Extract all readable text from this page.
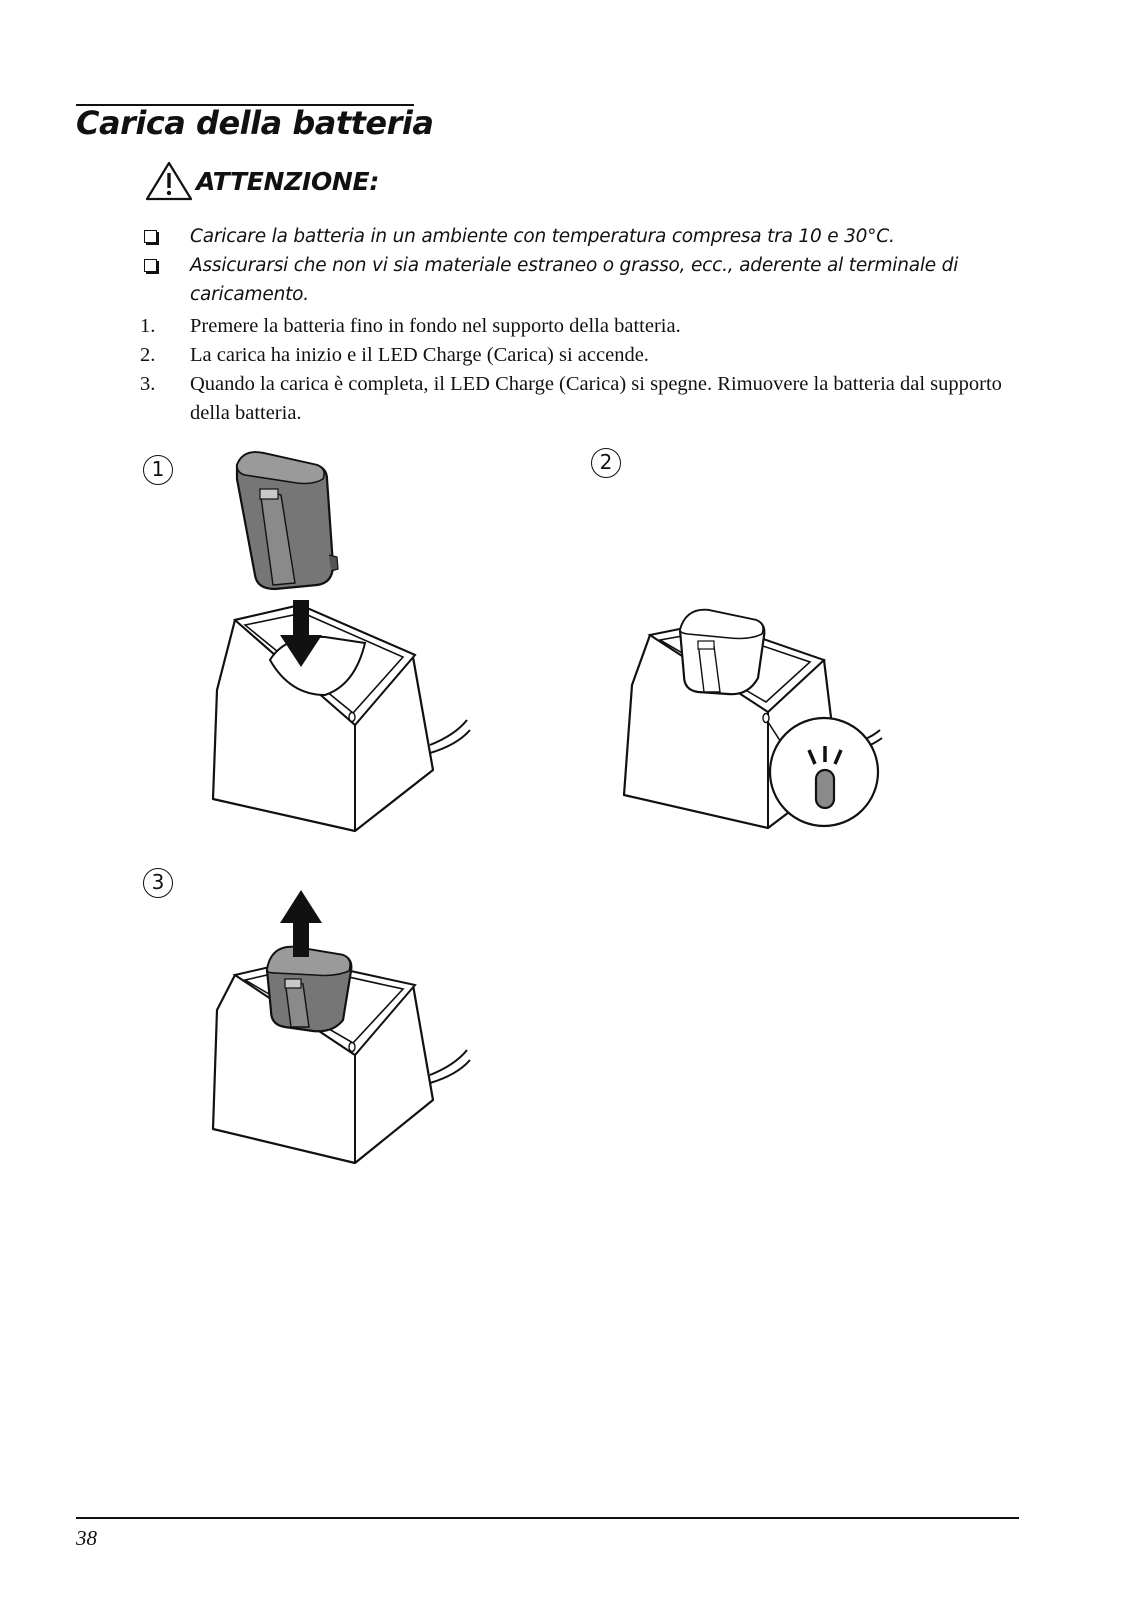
Carica della batteria
ATTENZIONE:
Caricare la batteria in un ambiente con temperatura compresa tra 10 e 30°C.
Assicurarsi che non vi sia materiale estraneo o grasso, ecc., aderente al terminale di caricamento.
1. Premere la batteria fino in fondo nel supporto della batteria.
2. La carica ha inizio e il LED Charge (Carica) si accende.
3. Quando la carica è completa, il LED Charge (Carica) si spegne. Rimuovere la batteria dal supporto della batteria.
1	2
3
38
